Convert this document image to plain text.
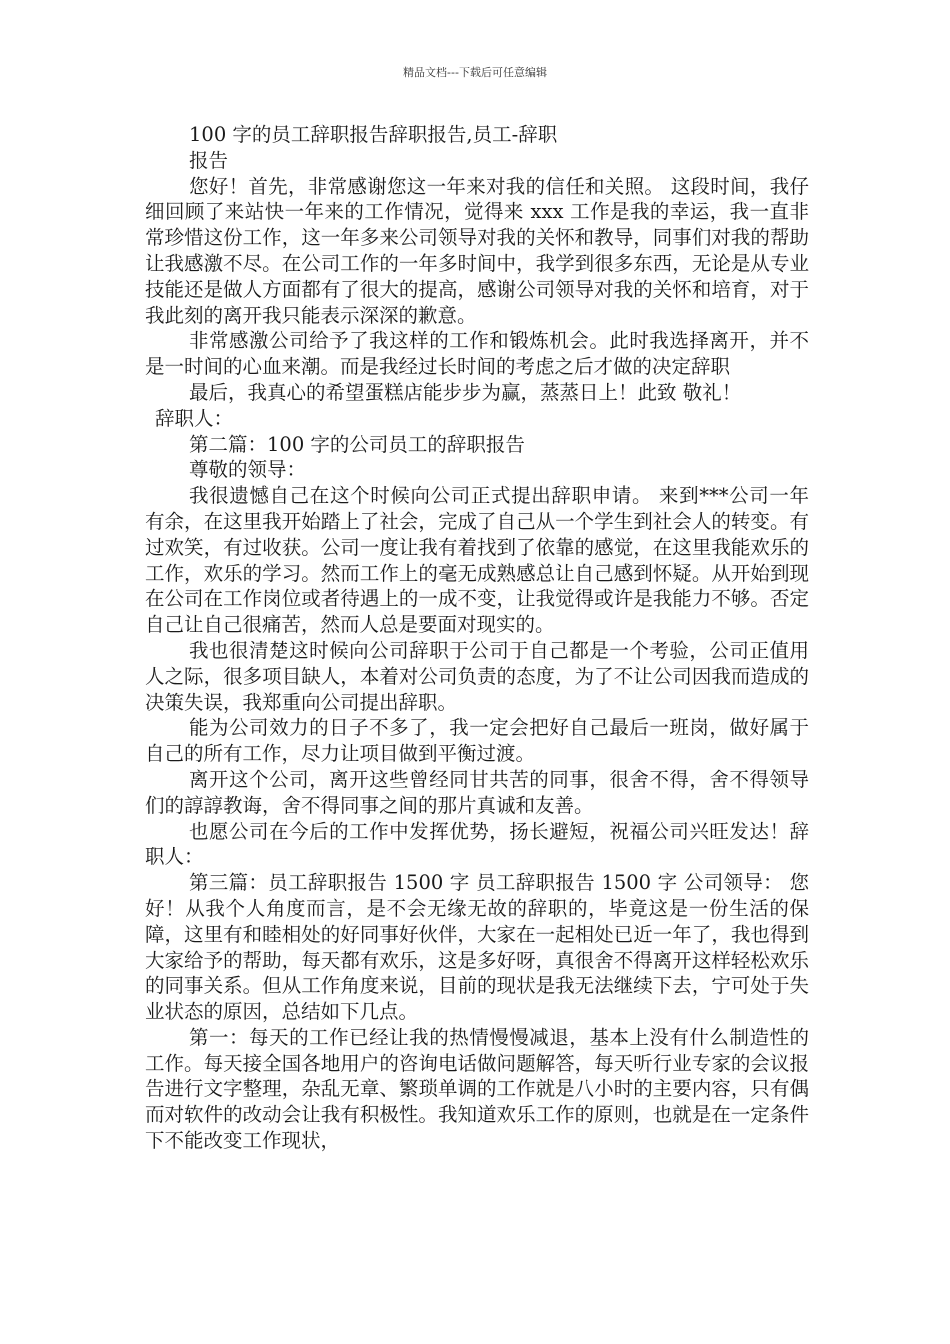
精品文档---下载后可任意编辑
100 字的员工辞职报告辞职报告,员工-辞职
报告

您好！首先，非常感谢您这一年来对我的信任和关照。 这段时间，我仔细回顾了来站快一年来的工作情况，觉得来 xxx 工作是我的幸运，我一直非常珍惜这份工作，这一年多来公司领导对我的关怀和教导，同事们对我的帮助让我感激不尽。在公司工作的一年多时间中，我学到很多东西，无论是从专业技能还是做人方面都有了很大的提高，感谢公司领导对我的关怀和培育，对于我此刻的离开我只能表示深深的歉意。

非常感激公司给予了我这样的工作和锻炼机会。此时我选择离开，并不是一时间的心血来潮。而是我经过长时间的考虑之后才做的决定辞职

最后，我真心的希望蛋糕店能步步为赢，蒸蒸日上！此致 敬礼！

辞职人：

第二篇：100 字的公司员工的辞职报告

尊敬的领导：

我很遗憾自己在这个时候向公司正式提出辞职申请。 来到***公司一年有余，在这里我开始踏上了社会，完成了自己从一个学生到社会人的转变。有过欢笑，有过收获。公司一度让我有着找到了依靠的感觉，在这里我能欢乐的工作，欢乐的学习。然而工作上的毫无成熟感总让自己感到怀疑。从开始到现在公司在工作岗位或者待遇上的一成不变，让我觉得或许是我能力不够。否定自己让自己很痛苦，然而人总是要面对现实的。

我也很清楚这时候向公司辞职于公司于自己都是一个考验，公司正值用人之际，很多项目缺人，本着对公司负责的态度，为了不让公司因我而造成的决策失误，我郑重向公司提出辞职。

能为公司效力的日子不多了，我一定会把好自己最后一班岗，做好属于自己的所有工作，尽力让项目做到平衡过渡。

离开这个公司，离开这些曾经同甘共苦的同事，很舍不得，舍不得领导们的諄諄教诲，舍不得同事之间的那片真诚和友善。

也愿公司在今后的工作中发挥优势，扬长避短，祝福公司兴旺发达！辞职人：

第三篇：员工辞职报告 1500 字 员工辞职报告 1500 字 公司领导： 您好！从我个人角度而言，是不会无缘无故的辞职的，毕竟这是一份生活的保障，这里有和睦相处的好同事好伙伴，大家在一起相处已近一年了，我也得到大家给予的帮助，每天都有欢乐，这是多好呀，真很舍不得离开这样轻松欢乐的同事关系。但从工作角度来说，目前的现状是我无法继续下去，宁可处于失业状态的原因，总结如下几点。

第一：每天的工作已经让我的热情慢慢减退，基本上没有什么制造性的工作。每天接全国各地用户的咨询电话做问题解答，每天听行业专家的会议报告进行文字整理，杂乱无章、繁琐单调的工作就是八小时的主要内容，只有偶而对软件的改动会让我有积极性。我知道欢乐工作的原则，也就是在一定条件下不能改变工作现状，
